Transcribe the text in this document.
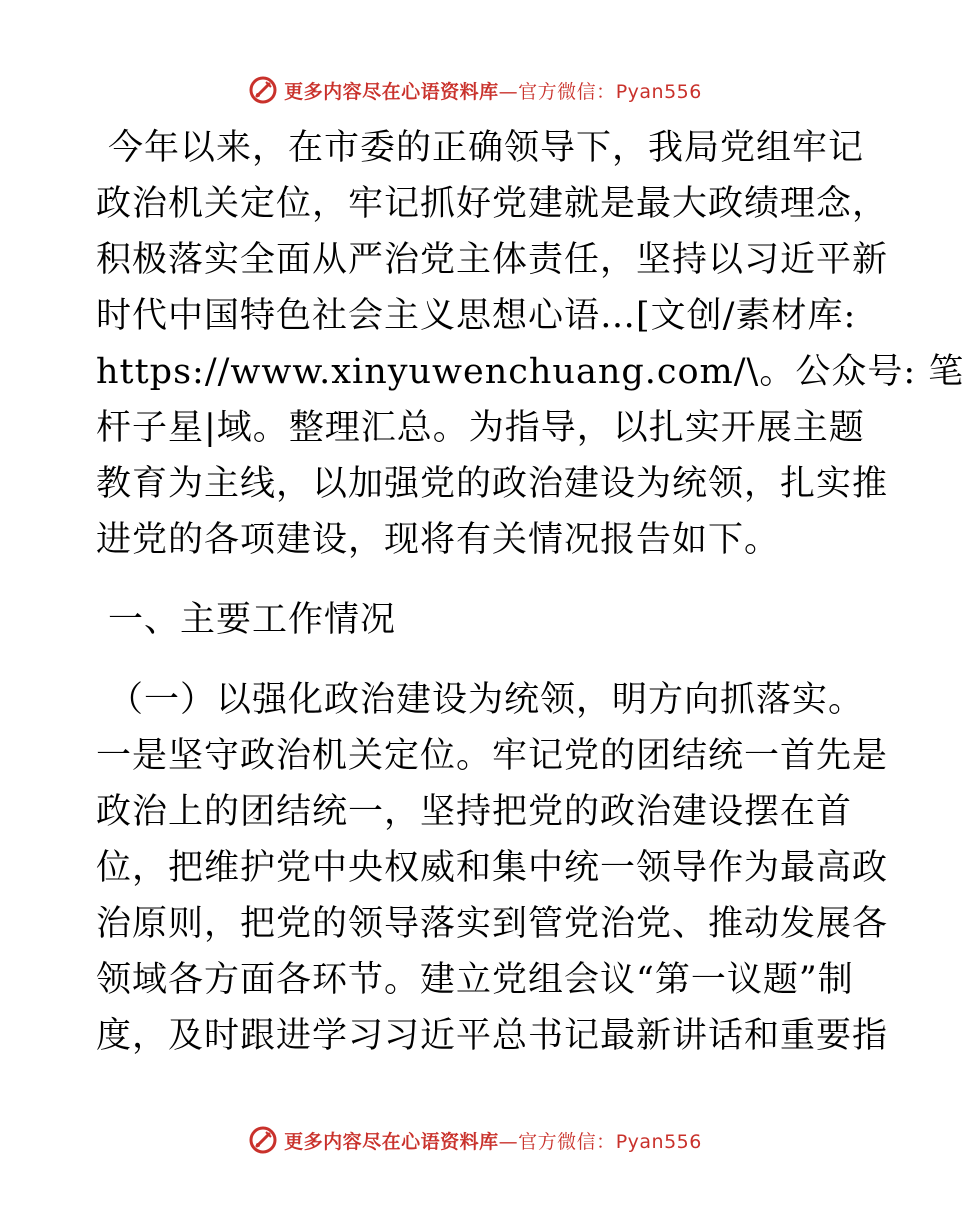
更多内容尽在心语资料库—官方微信：Pyan556
今年以来，在市委的正确领导下，我局党组牢记
政治机关定位，牢记抓好党建就是最大政绩理念，
积极落实全面从严治党主体责任，坚持以习近平新
时代中国特色社会主义思想心语…[文创/素材库:
https://www.xinyuwenchuang.com/\。公众号: 笔
杆子星|域。整理汇总。为指导，以扎实开展主题
教育为主线，以加强党的政治建设为统领，扎实推
进党的各项建设，现将有关情况报告如下。
一、主要工作情况
（一）以强化政治建设为统领，明方向抓落实。
一是坚守政治机关定位。牢记党的团结统一首先是
政治上的团结统一，坚持把党的政治建设摆在首
位，把维护党中央权威和集中统一领导作为最高政
治原则，把党的领导落实到管党治党、推动发展各
领域各方面各环节。建立党组会议“第一议题”制
度，及时跟进学习习近平总书记最新讲话和重要指
更多内容尽在心语资料库—官方微信：Pyan556
